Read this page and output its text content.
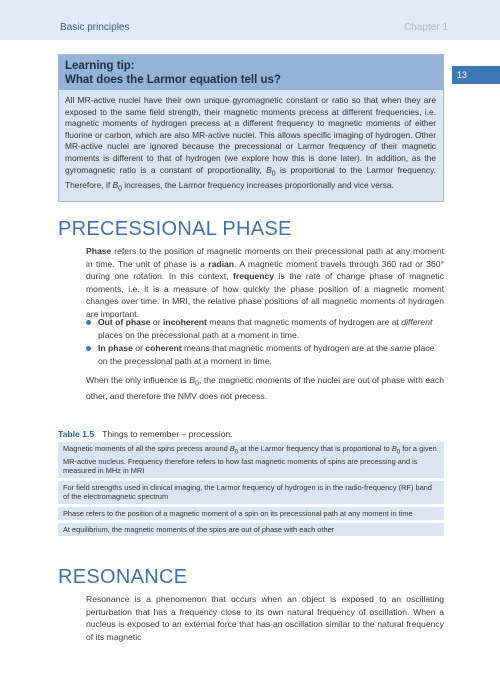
Basic principles	Chapter 1
13
Learning tip:
What does the Larmor equation tell us?
All MR-active nuclei have their own unique gyromagnetic constant or ratio so that when they are exposed to the same field strength, their magnetic moments precess at different frequencies, i.e. magnetic moments of hydrogen precess at a different frequency to magnetic moments of either fluorine or carbon, which are also MR-active nuclei. This allows specific imaging of hydrogen. Other MR-active nuclei are ignored because the precessional or Larmor frequency of their magnetic moments is different to that of hydrogen (we explore how this is done later). In addition, as the gyromagnetic ratio is a constant of proportionality, $B_0$ is proportional to the Larmor frequency. Therefore, if $B_0$ increases, the Larmor frequency increases proportionally and vice versa.
PRECESSIONAL PHASE
Phase refers to the position of magnetic moments on their precessional path at any moment in time. The unit of phase is a radian. A magnetic moment travels through 360 rad or 360° during one rotation. In this context, frequency is the rate of change phase of magnetic moments, i.e. it is a measure of how quickly the phase position of a magnetic moment changes over time. In MRI, the relative phase positions of all magnetic moments of hydrogen are important.
Out of phase or incoherent means that magnetic moments of hydrogen are at different places on the precessional path at a moment in time.
In phase or coherent means that magnetic moments of hydrogen are at the same place on the precessional path at a moment in time.
When the only influence is $B_0$, the magnetic moments of the nuclei are out of phase with each other, and therefore the NMV does not precess.
Table 1.5 Things to remember – procession.
Magnetic moments of all the spins precess around $B_0$ at the Larmor frequency that is proportional to $B_0$ for a given MR-active nucleus. Frequency therefore refers to how fast magnetic moments of spins are precessing and is measured in MHz in MRI
For field strengths used in clinical imaging, the Larmor frequency of hydrogen is in the radio-frequency (RF) band of the electromagnetic spectrum
Phase refers to the position of a magnetic moment of a spin on its precessional path at any moment in time
At equilibrium, the magnetic moments of the spins are out of phase with each other
RESONANCE
Resonance is a phenomenon that occurs when an object is exposed to an oscillating perturbation that has a frequency close to its own natural frequency of oscillation. When a nucleus is exposed to an external force that has an oscillation similar to the natural frequency of its magnetic
